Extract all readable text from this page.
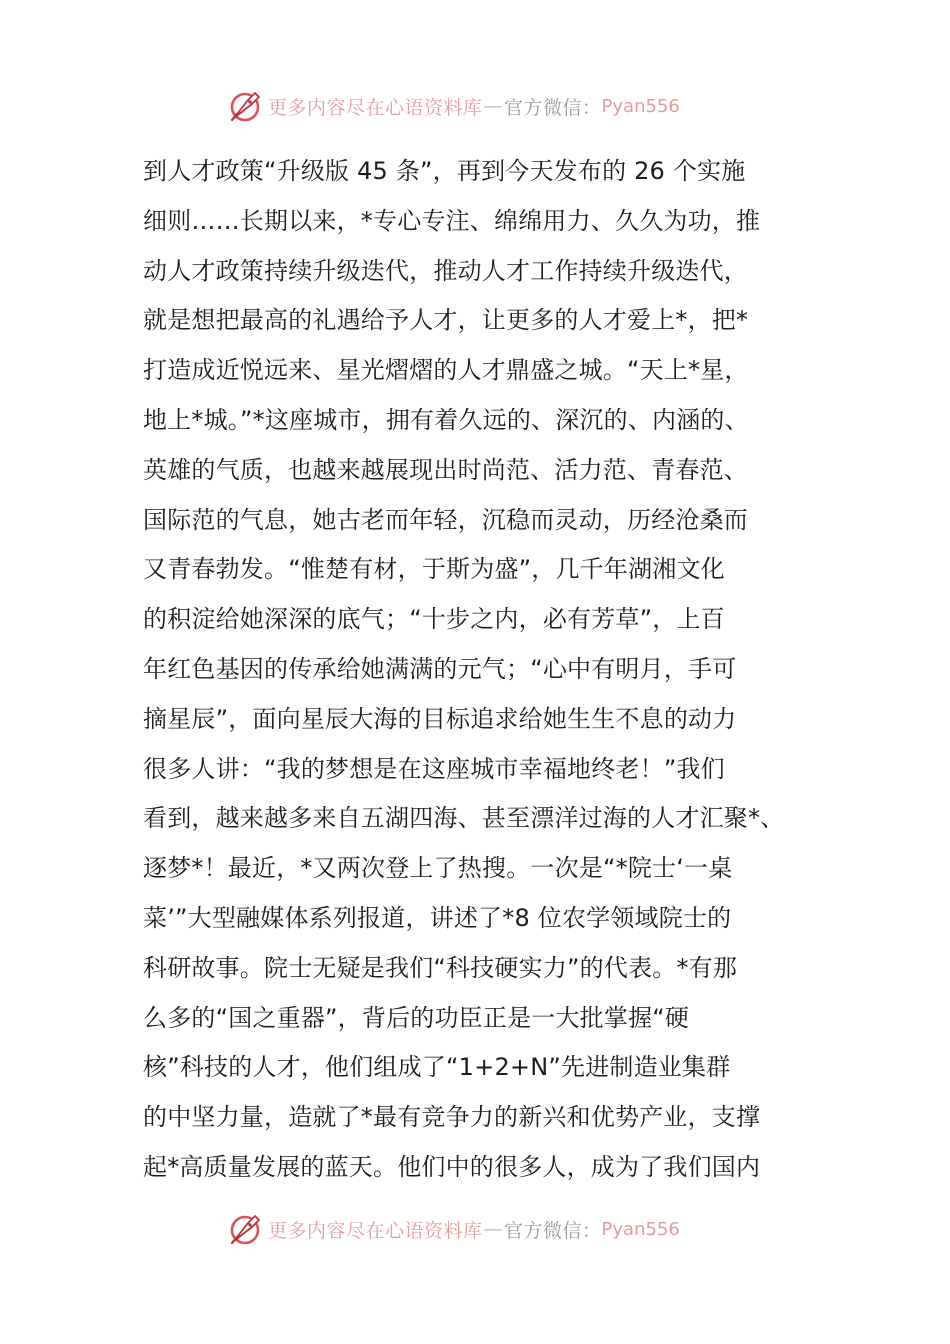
更多内容尽在心语资料库 — 官方微信： Pyan556
到人才政策“升级版 45 条”，再到今天发布的 26 个实施
细则……长期以来，*专心专注、绵绵用力、久久为功，推
动人才政策持续升级迭代，推动人才工作持续升级迭代，
就是想把最高的礼遇给予人才，让更多的人才爱上*，把*
打造成近悦远来、星光熠熠的人才鼎盛之城。“天上*星，
地上*城。”*这座城市，拥有着久远的、深沉的、内涵的、
英雄的气质，也越来越展现出时尚范、活力范、青春范、
国际范的气息，她古老而年轻，沉稳而灵动，历经沧桑而
又青春勃发。“惟楚有材，于斯为盛”，几千年湖湘文化
的积淀给她深深的底气；“十步之内，必有芳草”，上百
年红色基因的传承给她满满的元气；“心中有明月，手可
摘星辰”，面向星辰大海的目标追求给她生生不息的动力
很多人讲：“我的梦想是在这座城市幸福地终老！”我们
看到，越来越多来自五湖四海、甚至漂洋过海的人才汇聚*、
逐梦*！最近，*又两次登上了热搜。一次是“*院士‘一桌
菜’”大型融媒体系列报道，讲述了*8 位农学领域院士的
科研故事。院士无疑是我们“科技硬实力”的代表。*有那
么多的“国之重器”，背后的功臣正是一大批掌握“硬
核”科技的人才，他们组成了“1+2+N”先进制造业集群
的中坚力量，造就了*最有竞争力的新兴和优势产业，支撑
起*高质量发展的蓝天。他们中的很多人，成为了我们国内
更多内容尽在心语资料库 — 官方微信： Pyan556
